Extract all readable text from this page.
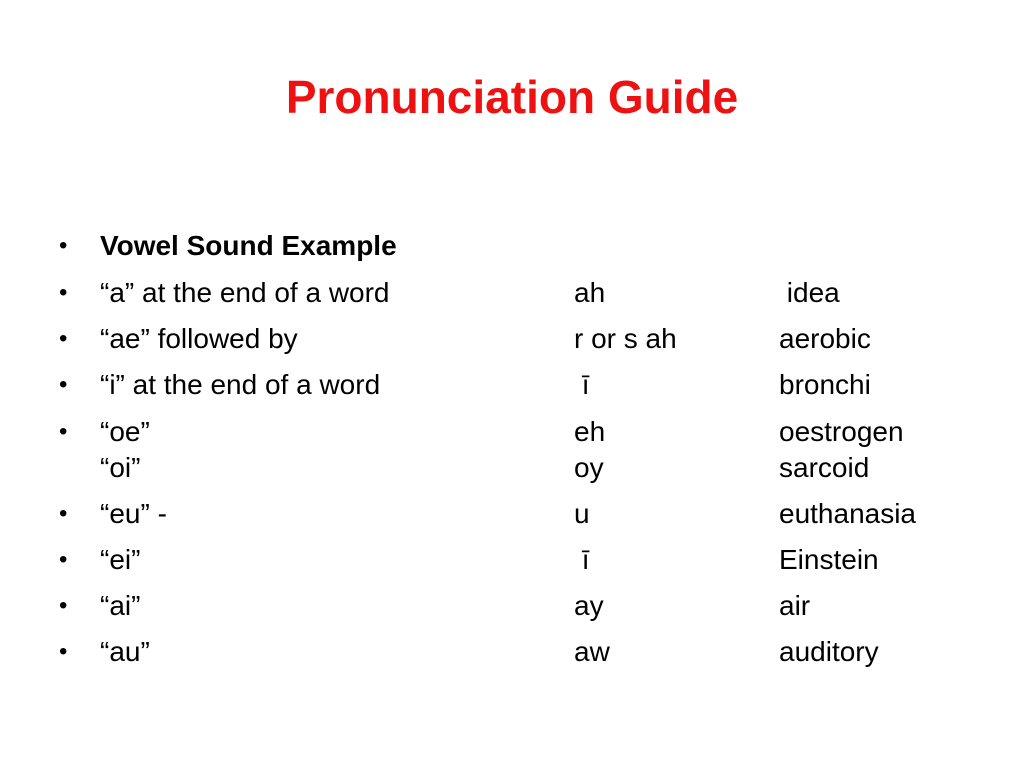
Pronunciation Guide
• Vowel Sound Example
• “a” at the end of a word	ah	idea
• “ae” followed by	r or s ah	aerobic
• “i” at the end of a word	ī	bronchi
• “oe”	eh	oestrogen
“oi”	oy	sarcoid
• “eu” -	u	euthanasia
• “ei”	ī	Einstein
• “ai”	ay	air
• “au”	aw	auditory
